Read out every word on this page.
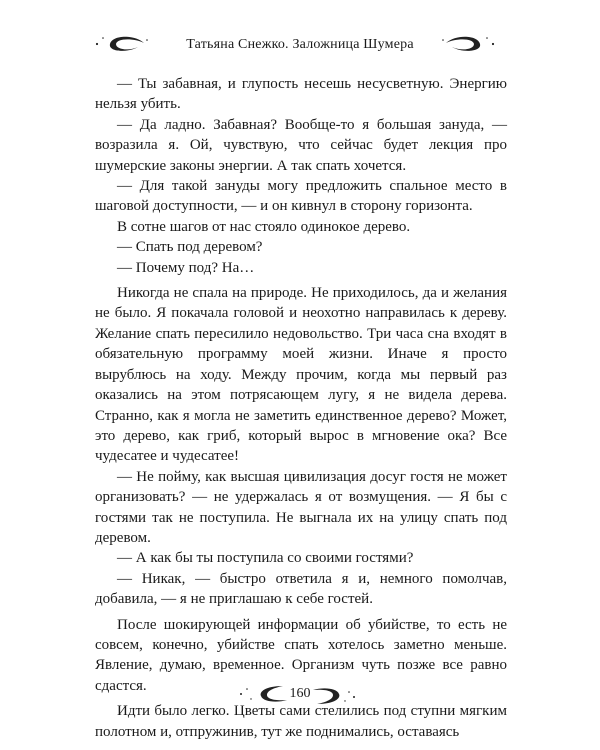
Татьяна Снежко. Заложница Шумера

— Ты забавная, и глупость несешь несусветную. Энергию нельзя убить.

— Да ладно. Забавная? Вообще-то я большая зануда, — возразила я. Ой, чувствую, что сейчас будет лекция про шумерские законы энергии. А так спать хочется.

— Для такой зануды могу предложить спальное место в шаговой доступности, — и он кивнул в сторону горизонта.

В сотне шагов от нас стояло одинокое дерево.

— Спать под деревом?

— Почему под? На…

Никогда не спала на природе. Не приходилось, да и желания не было. Я покачала головой и неохотно направилась к дереву. Желание спать пересилило недовольство. Три часа сна входят в обязательную программу моей жизни. Иначе я просто вырублюсь на ходу. Между прочим, когда мы первый раз оказались на этом потрясающем лугу, я не видела дерева. Странно, как я могла не заметить единственное дерево? Может, это дерево, как гриб, который вырос в мгновение ока? Все чудесатее и чудесатее!

— Не пойму, как высшая цивилизация досуг гостя не может организовать? — не удержалась я от возмущения. — Я бы с гостями так не поступила. Не выгнала их на улицу спать под деревом.

— А как бы ты поступила со своими гостями?

— Никак, — быстро ответила я и, немного помолчав, добавила, — я не приглашаю к себе гостей.

После шокирующей информации об убийстве, то есть не совсем, конечно, убийстве спать хотелось заметно меньше. Явление, думаю, временное. Организм чуть позже все равно сдастся.

Идти было легко. Цветы сами стелились под ступни мягким полотном и, отпружинив, тут же поднимались, оставаясь

160
